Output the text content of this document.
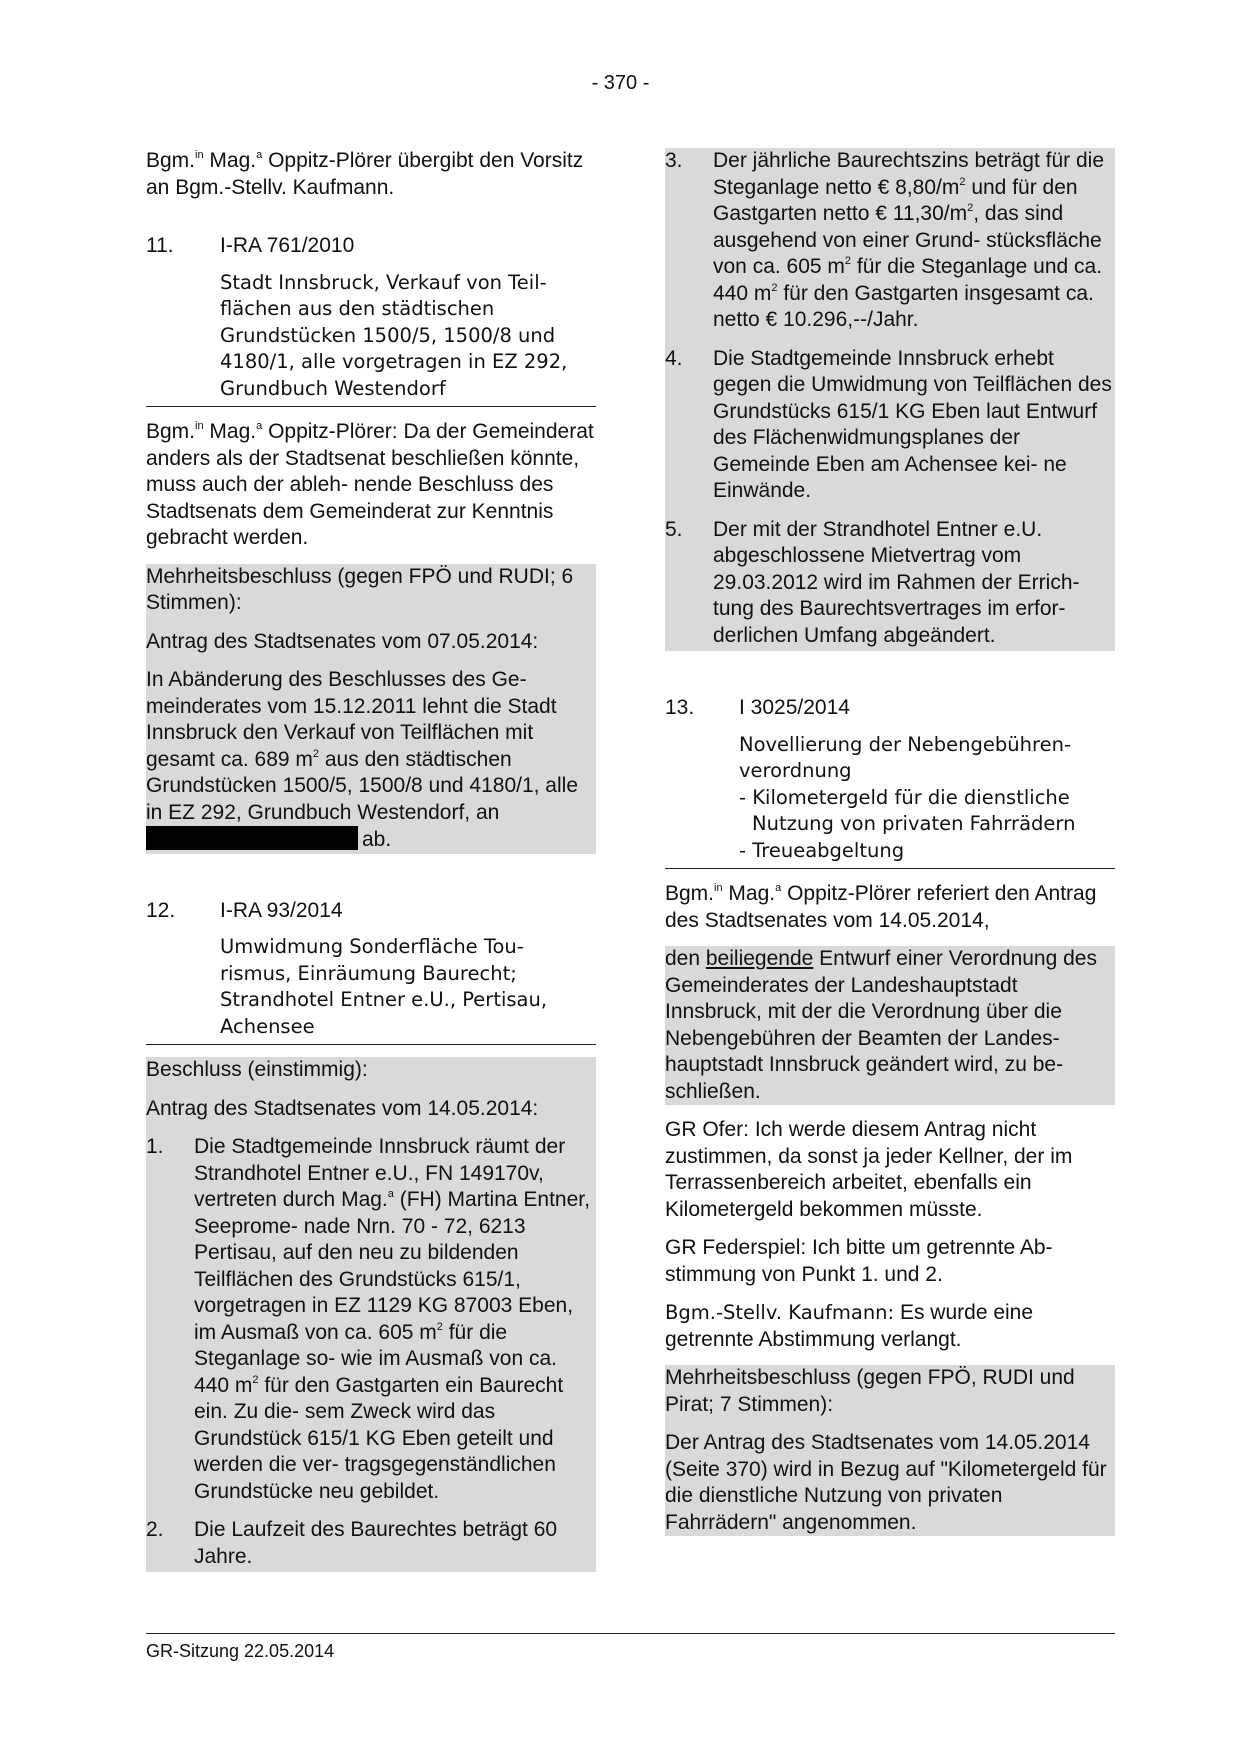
- 370 -

Bgm.$^{in}$ Mag.$^a$ Oppitz-Plörer übergibt den Vorsitz an Bgm.-Stellv. Kaufmann.

11.	I-RA 761/2010
Stadt Innsbruck, Verkauf von Teil-
flächen aus den städtischen
Grundstücken 1500/5, 1500/8 und
4180/1, alle vorgetragen in EZ 292,
Grundbuch Westendorf

Bgm.$^{in}$ Mag.$^a$ Oppitz-Plörer: Da der Gemeinderat anders als der Stadtsenat beschließen könnte, muss auch der ableh- nende Beschluss des Stadtsenats dem Gemeinderat zur Kenntnis gebracht werden.

Mehrheitsbeschluss (gegen FPÖ und RUDI; 6 Stimmen):

Antrag des Stadtsenates vom 07.05.2014:

In Abänderung des Beschlusses des Ge- meinderates vom 15.12.2011 lehnt die Stadt Innsbruck den Verkauf von Teilflächen mit gesamt ca. 689 $m^2$ aus den städtischen Grundstücken 1500/5, 1500/8 und 4180/1, alle in EZ 292, Grundbuch Westendorf, an
ab.

12.	I-RA 93/2014
Umwidmung Sonderfläche Tou-
rismus, Einräumung Baurecht;
Strandhotel Entner e.U., Pertisau,
Achensee

Beschluss (einstimmig):

Antrag des Stadtsenates vom 14.05.2014:

1.	Die Stadtgemeinde Innsbruck räumt der Strandhotel Entner e.U., FN 149170v, vertreten durch Mag.$^a$ (FH) Martina Entner, Seeprome- nade Nrn. 70 - 72, 6213 Pertisau, auf den neu zu bildenden Teilflächen des Grundstücks 615/1, vorgetragen in EZ 1129 KG 87003 Eben, im Ausmaß von ca. 605 $m^2$ für die Steganlage so- wie im Ausmaß von ca. 440 $m^2$ für den Gastgarten ein Baurecht ein. Zu die- sem Zweck wird das Grundstück 615/1 KG Eben geteilt und werden die ver- tragsgegenständlichen Grundstücke neu gebildet.

2.	Die Laufzeit des Baurechtes beträgt 60 Jahre.

3.	Der jährliche Baurechtszins beträgt für die Steganlage netto € $8,80/m^2$ und für den Gastgarten netto € $11,30/m^2$, das sind ausgehend von einer Grund- stücksfläche von ca. 605 $m^2$ für die Steganlage und ca. 440 $m^2$ für den Gastgarten insgesamt ca. netto € 10.296,--/Jahr.

4.	Die Stadtgemeinde Innsbruck erhebt gegen die Umwidmung von Teilflächen des Grundstücks 615/1 KG Eben laut Entwurf des Flächenwidmungsplanes der Gemeinde Eben am Achensee kei- ne Einwände.

5.	Der mit der Strandhotel Entner e.U. abgeschlossene Mietvertrag vom 29.03.2012 wird im Rahmen der Errich- tung des Baurechtsvertrages im erfor- derlichen Umfang abgeändert.

13.	I 3025/2014
Novellierung der Nebengebühren-
verordnung
- Kilometergeld für die dienstliche
Nutzung von privaten Fahrrädern
- Treueabgeltung

Bgm.$^{in}$ Mag.$^a$ Oppitz-Plörer referiert den Antrag des Stadtsenates vom 14.05.2014,

den beiliegende Entwurf einer Verordnung des Gemeinderates der Landeshauptstadt Innsbruck, mit der die Verordnung über die Nebengebühren der Beamten der Landes- hauptstadt Innsbruck geändert wird, zu be- schließen.

GR Ofer: Ich werde diesem Antrag nicht zustimmen, da sonst ja jeder Kellner, der im Terrassenbereich arbeitet, ebenfalls ein Kilometergeld bekommen müsste.

GR Federspiel: Ich bitte um getrennte Ab- stimmung von Punkt 1. und 2.

Bgm.-Stellv. Kaufmann: Es wurde eine getrennte Abstimmung verlangt.

Mehrheitsbeschluss (gegen FPÖ, RUDI und Pirat; 7 Stimmen):

Der Antrag des Stadtsenates vom 14.05.2014 (Seite 370) wird in Bezug auf "Kilometergeld für die dienstliche Nutzung von privaten Fahrrädern" angenommen.

GR-Sitzung 22.05.2014
